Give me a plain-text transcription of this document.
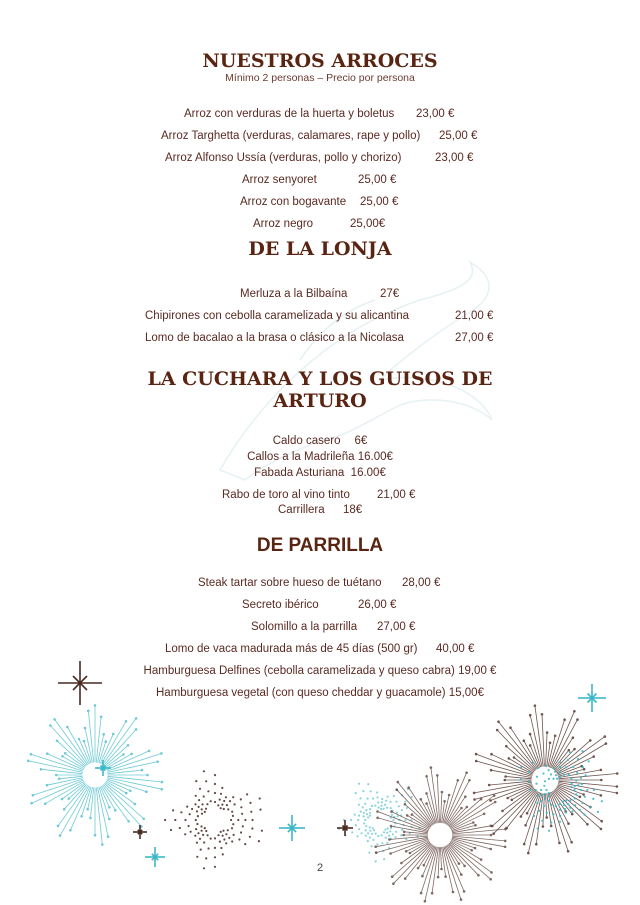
NUESTROS ARROCES
Mínimo 2 personas – Precio por persona
Arroz con verduras de la huerta y boletus 23,00 €
Arroz Targhetta (verduras, calamares, rape y pollo) 25,00 €
Arroz Alfonso Ussía (verduras, pollo y chorizo)	23,00 €
Arroz senyoret	25,00 €
Arroz con bogavante 25,00 €
Arroz negro	25,00€
DE LA LONJA
Merluza a la Bilbaína	27€
Chipirones con cebolla caramelizada y su alicantina	21,00 €
Lomo de bacalao a la brasa o clásico a la Nicolasa	27,00 €
LA CUCHARA Y LOS GUISOS DE
ARTURO
Caldo casero 6€
Callos a la Madrileña 16.00€
Fabada Asturiana 16.00€
Rabo de toro al vino tinto 21,00 €
Carrillera 18€
DE PARRILLA
Steak tartar sobre hueso de tuétano 28,00 €
Secreto ibérico	26,00 €
Solomillo a la parrilla 27,00 €
Lomo de vaca madurada más de 45 días (500 gr) 40,00 €
Hamburguesa Delfines (cebolla caramelizada y queso cabra) 19,00 €
Hamburguesa vegetal (con queso cheddar y guacamole) 15,00€
2
